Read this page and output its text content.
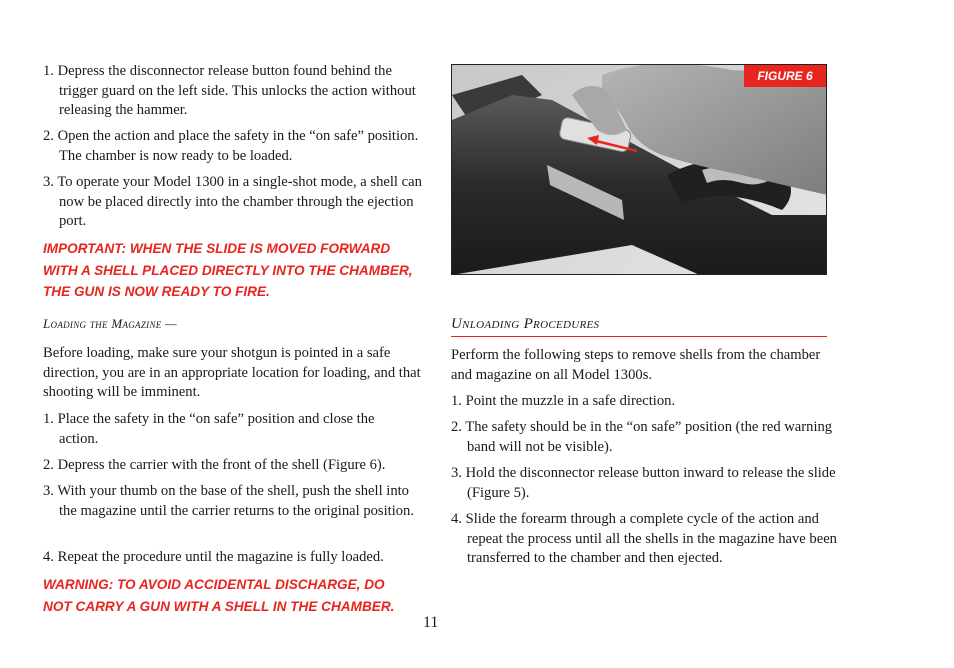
1. Depress the disconnector release button found behind the trigger guard on the left side. This unlocks the action without releasing the hammer.
2. Open the action and place the safety in the “on safe” position. The chamber is now ready to be loaded.
3. To operate your Model 1300 in a single-shot mode, a shell can now be placed directly into the chamber through the ejection port.
IMPORTANT: WHEN THE SLIDE IS MOVED FORWARD WITH A SHELL PLACED DIRECTLY INTO THE CHAMBER, THE GUN IS NOW READY TO FIRE.
Loading the Magazine —
Before loading, make sure your shotgun is pointed in a safe direction, you are in an appropriate location for loading, and that shooting will be imminent.
1. Place the safety in the “on safe” position and close the action.
2. Depress the carrier with the front of the shell (Figure 6).
3. With your thumb on the base of the shell, push the shell into the magazine until the carrier returns to the original position.
4. Repeat the procedure until the magazine is fully loaded.
WARNING: TO AVOID ACCIDENTAL DISCHARGE, DO NOT CARRY A GUN WITH A SHELL IN THE CHAMBER.
FIGURE 6
Loading the magazine.
Unloading Procedures
Perform the following steps to remove shells from the chamber and magazine on all Model 1300s.
1. Point the muzzle in a safe direction.
2. The safety should be in the “on safe” position (the red warning band will not be visible).
3. Hold the disconnector release button inward to release the slide (Figure 5).
4. Slide the forearm through a complete cycle of the action and repeat the process until all the shells in the magazine have been transferred to the chamber and then ejected.
11
